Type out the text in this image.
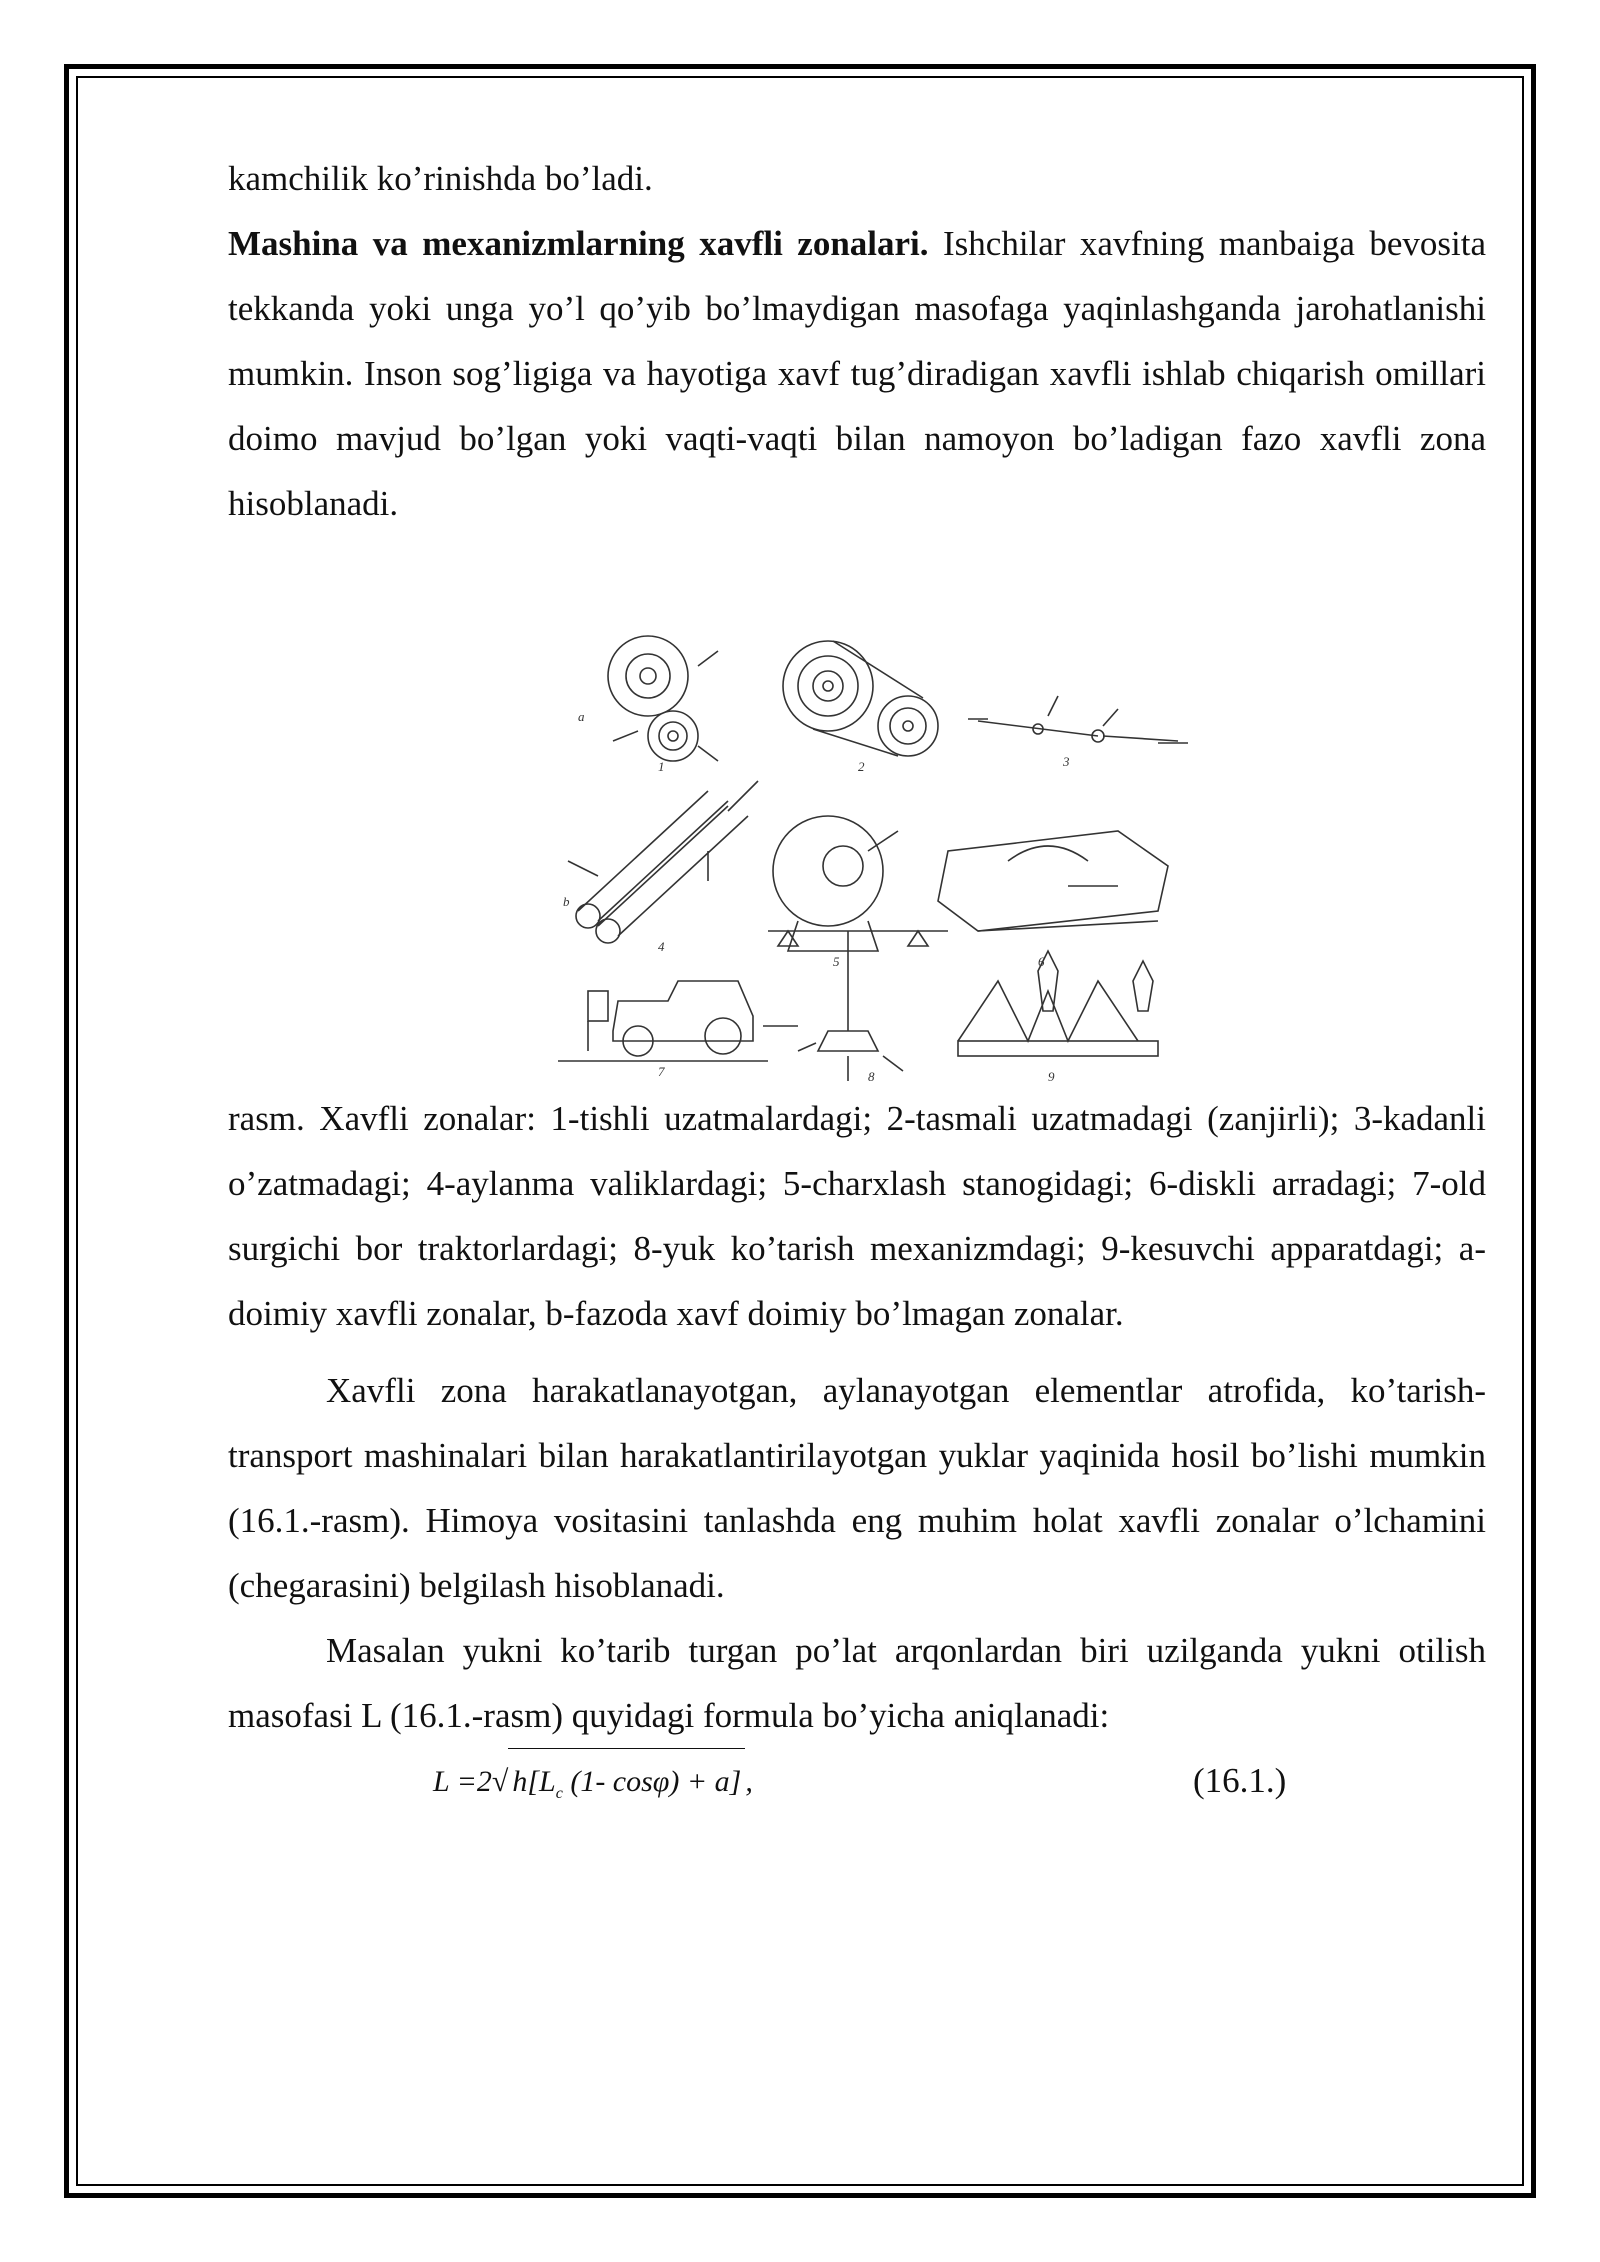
kamchilik ko’rinishda bo’ladi.

Mashina va mexanizmlarning xavfli zonalari. Ishchilar xavfning manbaiga bevosita tekkanda yoki unga yo’l qo’yib bo’lmaydigan masofaga yaqinlashganda jarohatlanishi mumkin. Inson sog’ligiga va hayotiga xavf tug’diradigan xavfli ishlab chiqarish omillari doimo mavjud bo’lgan yoki vaqti-vaqti bilan namoyon bo’ladigan fazo xavfli zona hisoblanadi.

a
1	2	3
4
b
5	6
7	8	9

rasm. Xavfli zonalar: 1-tishli uzatmalardagi; 2-tasmali uzatmadagi (zanjirli); 3-kadanli o’zatmadagi; 4-aylanma valiklardagi; 5-charxlash stanogidagi; 6-diskli arradagi; 7-old surgichi bor traktorlardagi; 8-yuk ko’tarish mexanizmdagi; 9-kesuvchi apparatdagi; a-doimiy xavfli zonalar, b-fazoda xavf doimiy bo’lmagan zonalar.

Xavfli zona harakatlanayotgan, aylanayotgan elementlar atrofida, ko’tarish-transport mashinalari bilan harakatlantirilayotgan yuklar yaqinida hosil bo’lishi mumkin (16.1.-rasm). Himoya vositasini tanlashda eng muhim holat xavfli zonalar o’lchamini (chegarasini) belgilash hisoblanadi.

Masalan yukni ko’tarib turgan po’lat arqonlardan biri uzilganda yukni otilish masofasi L (16.1.-rasm) quyidagi formula bo’yicha aniqlanadi:

L =2√ $h[L_c$ (1- cosφ) + a] ,	(16.1.)
